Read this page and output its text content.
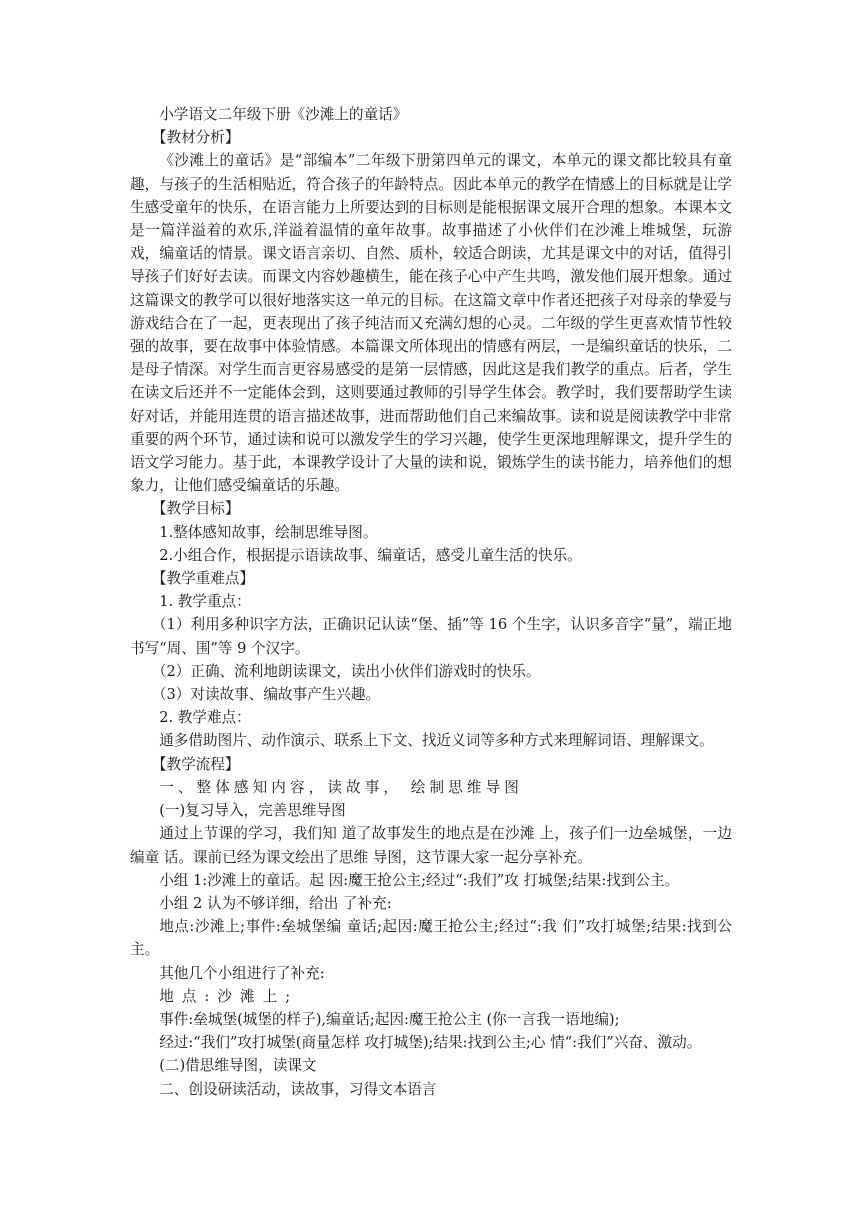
小学语文二年级下册《沙滩上的童话》

【教材分析】

《沙滩上的童话》是“部编本”二年级下册第四单元的课文，本单元的课文都比较具有童趣，与孩子的生活相贴近，符合孩子的年龄特点。因此本单元的教学在情感上的目标就是让学生感受童年的快乐，在语言能力上所要达到的目标则是能根据课文展开合理的想象。本课本文是一篇洋溢着的欢乐,洋溢着温情的童年故事。故事描述了小伙伴们在沙滩上堆城堡，玩游戏，编童话的情景。课文语言亲切、自然、质朴，较适合朗读，尤其是课文中的对话，值得引导孩子们好好去读。而课文内容妙趣横生，能在孩子心中产生共鸣，激发他们展开想象。通过这篇课文的教学可以很好地落实这一单元的目标。在这篇文章中作者还把孩子对母亲的挚爱与游戏结合在了一起，更表现出了孩子纯洁而又充满幻想的心灵。二年级的学生更喜欢情节性较强的故事，要在故事中体验情感。本篇课文所体现出的情感有两层，一是编织童话的快乐，二是母子情深。对学生而言更容易感受的是第一层情感，因此这是我们教学的重点。后者，学生在读文后还并不一定能体会到，这则要通过教师的引导学生体会。教学时，我们要帮助学生读好对话，并能用连贯的语言描述故事，进而帮助他们自己来编故事。读和说是阅读教学中非常重要的两个环节，通过读和说可以激发学生的学习兴趣，使学生更深地理解课文，提升学生的语文学习能力。基于此，本课教学设计了大量的读和说，锻炼学生的读书能力，培养他们的想象力，让他们感受编童话的乐趣。

【教学目标】

1.整体感知故事，绘制思维导图。

2.小组合作，根据提示语读故事、编童话，感受儿童生活的快乐。

【教学重难点】

1. 教学重点：

（1）利用多种识字方法，正确识记认读“堡、插”等 16 个生字，认识多音字“量”，端正地书写“周、围”等 9 个汉字。

（2）正确、流利地朗读课文，读出小伙伴们游戏时的快乐。

（3）对读故事、编故事产生兴趣。

2. 教学难点：

通多借助图片、动作演示、联系上下文、找近义词等多种方式来理解词语、理解课文。

【教学流程】

一、整体感知内容，读故事， 绘制思维导图

(一)复习导入，完善思维导图

通过上节课的学习，我们知 道了故事发生的地点是在沙滩 上，孩子们一边垒城堡，一边编童 话。课前已经为课文绘出了思维 导图，这节课大家一起分享补充。

小组 1:沙滩上的童话。起 因:魔王抢公主;经过“:我们”攻 打城堡;结果:找到公主。

小组 2 认为不够详细，给出 了补充:

地点:沙滩上;事件:垒城堡编 童话;起因:魔王抢公主;经过“:我 们”攻打城堡;结果:找到公主。

其他几个小组进行了补充:

地点:沙滩上;

事件:垒城堡(城堡的样子),编童话;起因:魔王抢公主 (你一言我一语地编);

经过:“我们”攻打城堡(商量怎样 攻打城堡);结果:找到公主;心 情“:我们”兴奋、激动。

(二)借思维导图，读课文

二、创设研读活动，读故事，习得文本语言
